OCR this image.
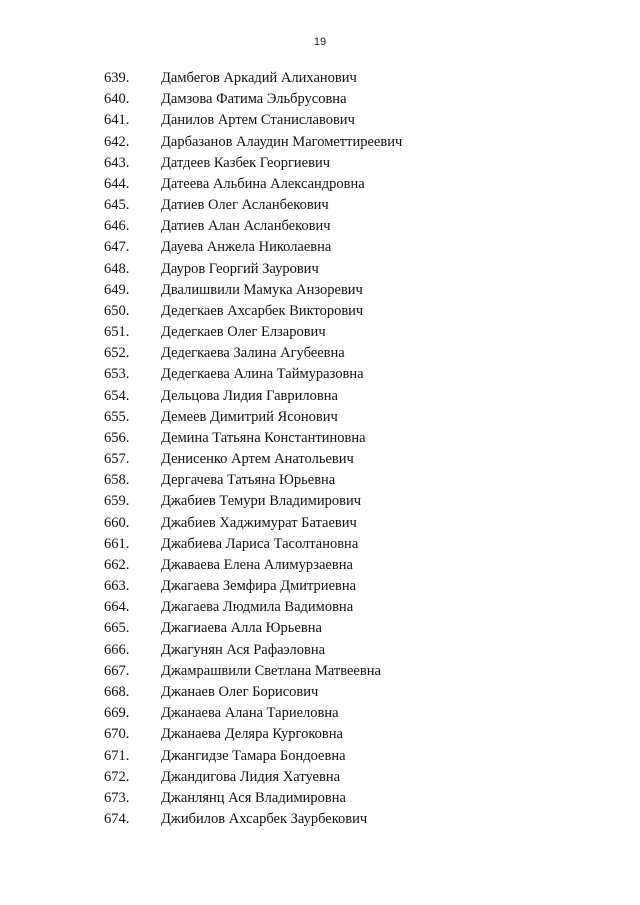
19
639. Дамбегов Аркадий Алиханович
640. Дамзова Фатима Эльбрусовна
641. Данилов Артем Станиславович
642. Дарбазанов Алаудин Магометтиреевич
643. Датдеев Казбек Георгиевич
644. Датеева Альбина Александровна
645. Датиев Олег Асланбекович
646. Датиев Алан Асланбекович
647. Дауева Анжела Николаевна
648. Дауров Георгий Заурович
649. Двалишвили Мамука Анзоревич
650. Дедегкаев Ахсарбек Викторович
651. Дедегкаев Олег Елзарович
652. Дедегкаева Залина Агубеевна
653. Дедегкаева Алина Таймуразовна
654. Дельцова Лидия Гавриловна
655. Демеев Димитрий Ясонович
656. Демина Татьяна Константиновна
657. Денисенко Артем Анатольевич
658. Дергачева Татьяна Юрьевна
659. Джабиев Темури Владимирович
660. Джабиев Хаджимурат Батаевич
661. Джабиева Лариса Тасолтановна
662. Джаваева Елена Алимурзаевна
663. Джагаева Земфира Дмитриевна
664. Джагаева Людмила Вадимовна
665. Джагиаева Алла Юрьевна
666. Джагунян Ася Рафаэловна
667. Джамрашвили Светлана Матвеевна
668. Джанаев Олег Борисович
669. Джанаева Алана Тариеловна
670. Джанаева Деляра Кургоковна
671. Джангидзе Тамара Бондоевна
672. Джандигова Лидия Хатуевна
673. Джанлянц Ася Владимировна
674. Джибилов Ахсарбек Заурбекович
